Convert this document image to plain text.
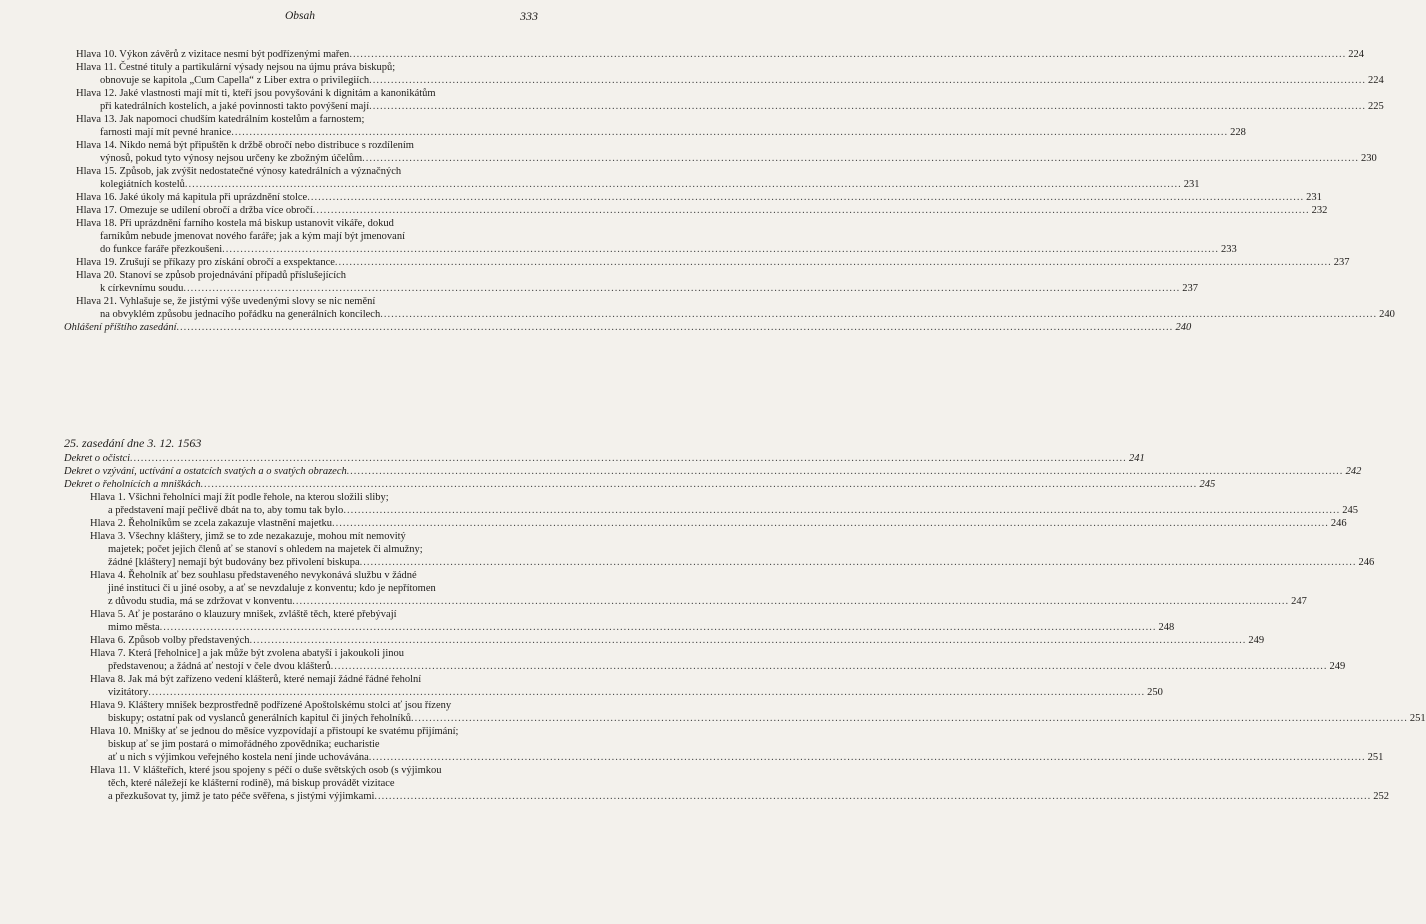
Obsah	333
Hlava 10. Výkon závěrů z vizitace nesmí být podřízenými mařen .....	224
Hlava 11. Čestné tituly a partikulární výsady nejsou na újmu práva biskupů;
obnovuje se kapitola „Cum Capella“ z Liber extra o privilegiích .....	224
Hlava 12. Jaké vlastnosti mají mít ti, kteří jsou povyšováni k dignitám a kanonikátům
při katedrálních kostelích, a jaké povinnosti takto povýšení mají .....	225
Hlava 13. Jak napomoci chudším katedrálním kostelům a farnostem;
farnosti mají mít pevné hranice .....	228
Hlava 14. Nikdo nemá být připuštěn k držbě obročí nebo distribuce s rozdílením
výnosů, pokud tyto výnosy nejsou určeny ke zbožným účelům .....	230
Hlava 15. Způsob, jak zvýšit nedostatečné výnosy katedrálních a význačných
kolegiátních kostelů .....	231
Hlava 16. Jaké úkoly má kapitula při uprázdnění stolce .....	231
Hlava 17. Omezuje se udílení obročí a držba více obročí .....	232
Hlava 18. Při uprázdnění farního kostela má biskup ustanovit vikáře, dokud
farníkům nebude jmenovat nového faráře; jak a kým mají být jmenovaní
do funkce faráře přezkoušeni .....	233
Hlava 19. Zrušují se příkazy pro získání obročí a exspektance .....	237
Hlava 20. Stanoví se způsob projednávání případů příslušejících
k církevnímu soudu .....	237
Hlava 21. Vyhlašuje se, že jistými výše uvedenými slovy se nic nemění
na obvyklém způsobu jednacího pořádku na generálních koncilech .....	240
Ohlášení příštího zasedání .....	240
25. zasedání dne 3. 12. 1563
Dekret o očistci .....	241
Dekret o vzývání, uctívání a ostatcích svatých a o svatých obrazech .....	242
Dekret o řeholnících a mniškách .....	245
Hlava 1. Všichni řeholníci mají žít podle řehole, na kterou složili sliby;
a představení mají pečlivě dbát na to, aby tomu tak bylo .....	245
Hlava 2. Řeholníkům se zcela zakazuje vlastnění majetku .....	246
Hlava 3. Všechny kláštery, jimž se to zde nezakazuje, mohou mít nemovitý
majetek; počet jejich členů ať se stanoví s ohledem na majetek či almužny;
žádné [kláštery] nemají být budovány bez přivolení biskupa .....	246
Hlava 4. Řeholník ať bez souhlasu představeného nevykonává službu v žádné
jiné instituci či u jiné osoby, a ať se nevzdaluje z konventu; kdo je nepřítomen
z důvodu studia, má se zdržovat v konventu .....	247
Hlava 5. Ať je postaráno o klauzury mnišek, zvláště těch, které přebývají
mimo města .....	248
Hlava 6. Způsob volby představených .....	249
Hlava 7. Která [řeholnice] a jak může být zvolena abatyší i jakoukoli jinou
představenou; a žádná ať nestojí v čele dvou klášterů .....	249
Hlava 8. Jak má být zařízeno vedení klášterů, které nemají žádné řádné řeholní
vizitátory .....	250
Hlava 9. Kláštery mnišek bezprostředně podřízené Apoštolskému stolci ať jsou řízeny
biskupy; ostatní pak od vyslanců generálních kapitul či jiných řeholníků .....	251
Hlava 10. Mnišky ať se jednou do měsíce vyzpovídají a přistoupí ke svatému přijímání;
biskup ať se jim postará o mimořádného zpovědníka; eucharistie
ať u nich s výjimkou veřejného kostela není jinde uchovávána .....	251
Hlava 11. V klášteřích, které jsou spojeny s péčí o duše světských osob (s výjimkou
těch, které náležejí ke klášterní rodině), má biskup provádět vizitace
a přezkušovat ty, jimž je tato péče svěřena, s jistými výjimkami .....	252
